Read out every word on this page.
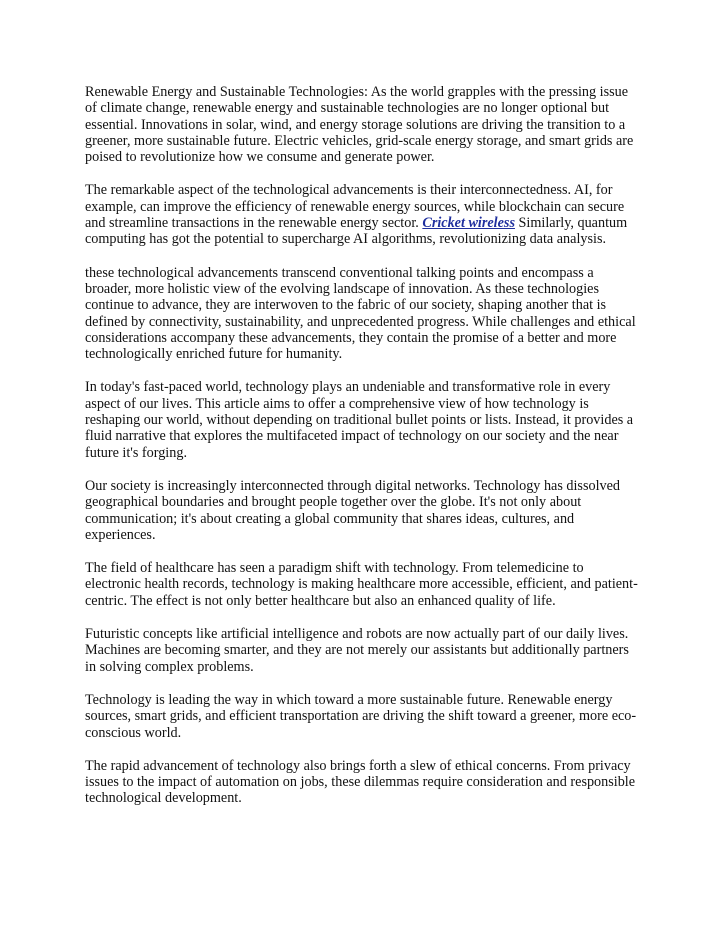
Renewable Energy and Sustainable Technologies: As the world grapples with the pressing issue of climate change, renewable energy and sustainable technologies are no longer optional but essential. Innovations in solar, wind, and energy storage solutions are driving the transition to a greener, more sustainable future. Electric vehicles, grid-scale energy storage, and smart grids are poised to revolutionize how we consume and generate power.

The remarkable aspect of the technological advancements is their interconnectedness. AI, for example, can improve the efficiency of renewable energy sources, while blockchain can secure and streamline transactions in the renewable energy sector. Cricket wireless Similarly, quantum computing has got the potential to supercharge AI algorithms, revolutionizing data analysis.

these technological advancements transcend conventional talking points and encompass a broader, more holistic view of the evolving landscape of innovation. As these technologies continue to advance, they are interwoven to the fabric of our society, shaping another that is defined by connectivity, sustainability, and unprecedented progress. While challenges and ethical considerations accompany these advancements, they contain the promise of a better and more technologically enriched future for humanity.

In today's fast-paced world, technology plays an undeniable and transformative role in every aspect of our lives. This article aims to offer a comprehensive view of how technology is reshaping our world, without depending on traditional bullet points or lists. Instead, it provides a fluid narrative that explores the multifaceted impact of technology on our society and the near future it's forging.

Our society is increasingly interconnected through digital networks. Technology has dissolved geographical boundaries and brought people together over the globe. It's not only about communication; it's about creating a global community that shares ideas, cultures, and experiences.

The field of healthcare has seen a paradigm shift with technology. From telemedicine to electronic health records, technology is making healthcare more accessible, efficient, and patient-centric. The effect is not only better healthcare but also an enhanced quality of life.

Futuristic concepts like artificial intelligence and robots are now actually part of our daily lives. Machines are becoming smarter, and they are not merely our assistants but additionally partners in solving complex problems.

Technology is leading the way in which toward a more sustainable future. Renewable energy sources, smart grids, and efficient transportation are driving the shift toward a greener, more eco-conscious world.

The rapid advancement of technology also brings forth a slew of ethical concerns. From privacy issues to the impact of automation on jobs, these dilemmas require consideration and responsible technological development.
